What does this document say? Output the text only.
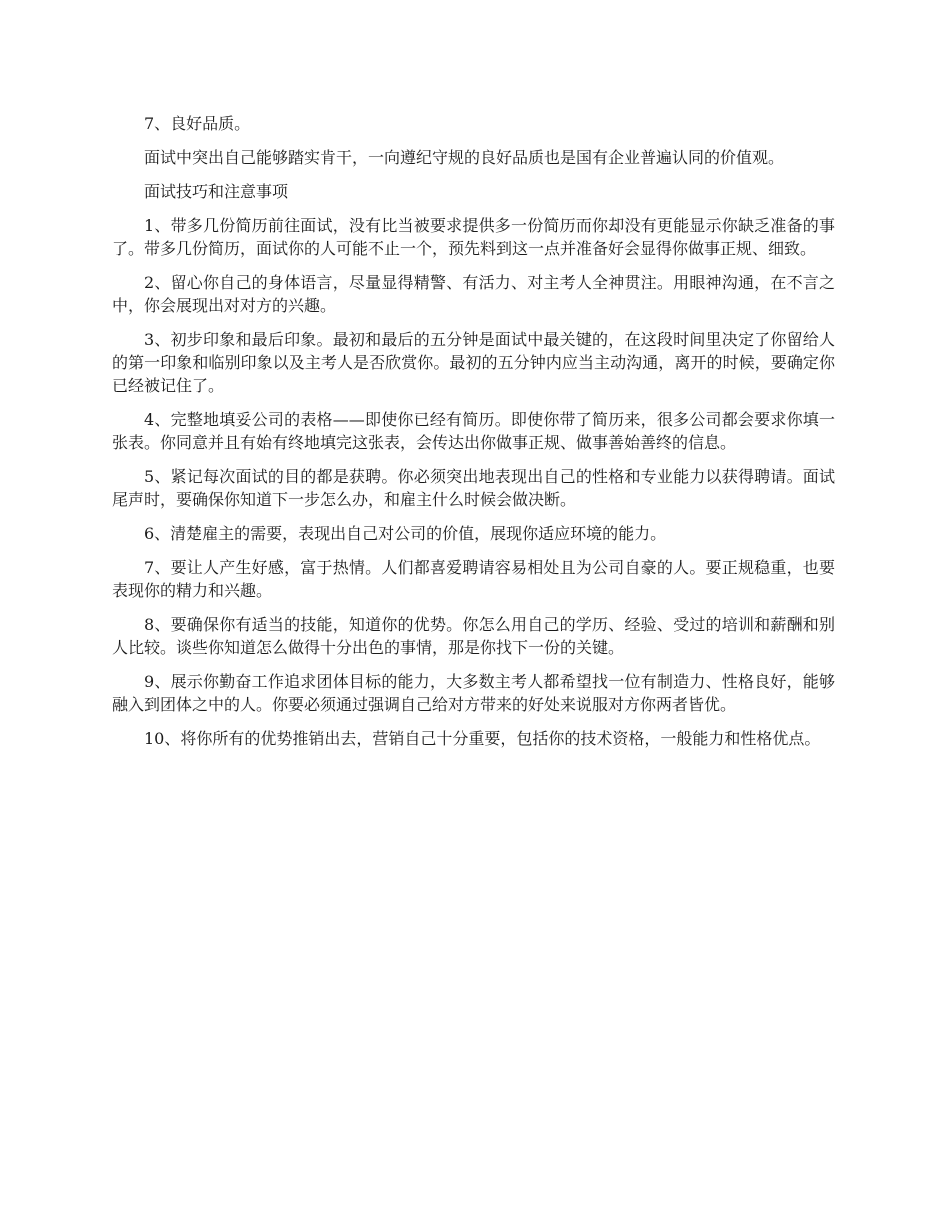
7、良好品质。

面试中突出自己能够踏实肯干，一向遵纪守规的良好品质也是国有企业普遍认同的价值观。

面试技巧和注意事项

1、带多几份简历前往面试，没有比当被要求提供多一份简历而你却没有更能显示你缺乏准备的事了。带多几份简历，面试你的人可能不止一个，预先料到这一点并准备好会显得你做事正规、细致。

2、留心你自己的身体语言，尽量显得精警、有活力、对主考人全神贯注。用眼神沟通，在不言之中，你会展现出对对方的兴趣。

3、初步印象和最后印象。最初和最后的五分钟是面试中最关键的，在这段时间里决定了你留给人的第一印象和临别印象以及主考人是否欣赏你。最初的五分钟内应当主动沟通，离开的时候，要确定你已经被记住了。

4、完整地填妥公司的表格——即使你已经有简历。即使你带了简历来，很多公司都会要求你填一张表。你同意并且有始有终地填完这张表，会传达出你做事正规、做事善始善终的信息。

5、紧记每次面试的目的都是获聘。你必须突出地表现出自己的性格和专业能力以获得聘请。面试尾声时，要确保你知道下一步怎么办，和雇主什么时候会做决断。

6、清楚雇主的需要，表现出自己对公司的价值，展现你适应环境的能力。

7、要让人产生好感，富于热情。人们都喜爱聘请容易相处且为公司自豪的人。要正规稳重，也要表现你的精力和兴趣。

8、要确保你有适当的技能，知道你的优势。你怎么用自己的学历、经验、受过的培训和薪酬和别人比较。谈些你知道怎么做得十分出色的事情，那是你找下一份的关键。

9、展示你勤奋工作追求团体目标的能力，大多数主考人都希望找一位有制造力、性格良好，能够融入到团体之中的人。你要必须通过强调自己给对方带来的好处来说服对方你两者皆优。

10、将你所有的优势推销出去，营销自己十分重要，包括你的技术资格，一般能力和性格优点。
